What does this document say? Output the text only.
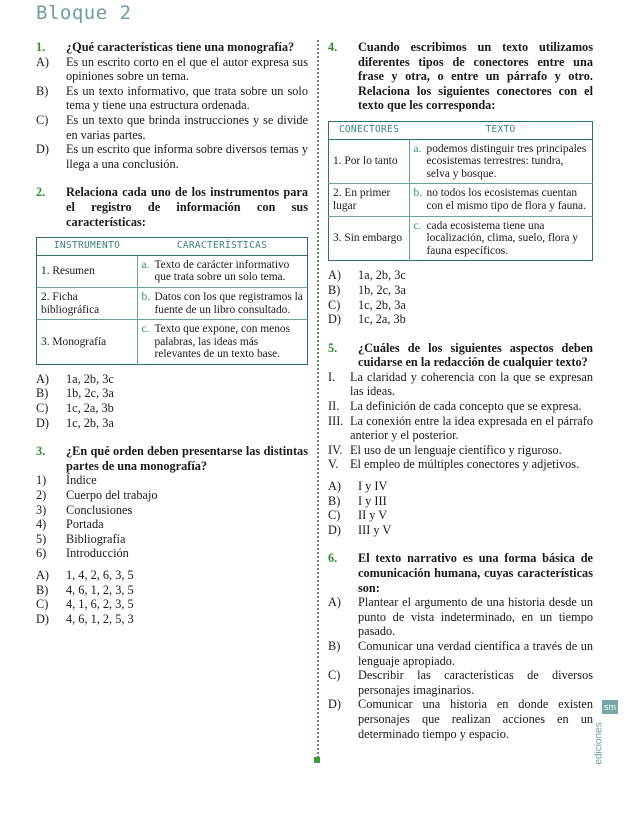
Bloque 2
1.	¿Qué características tiene una monografía?
A)	Es un escrito corto en el que el autor expresa sus opiniones sobre un tema.
B)	Es un texto informativo, que trata sobre un solo tema y tiene una estructura ordenada.
C)	Es un texto que brinda instrucciones y se divide en varias partes.
D)	Es un escrito que informa sobre diversos temas y llega a una conclusión.
2.	Relaciona cada uno de los instrumentos para el registro de información con sus características:
INSTRUMENTO	CARACTERÍSTICAS
1. Resumen	a. Texto de carácter informativo que trata sobre un solo tema.

2. Ficha bibliográfica	b. Datos con los que registramos la fuente de un libro consultado.

3. Monografía	c. Texto que expone, con menos palabras, las ideas más relevantes de un texto base.
A)	1a, 2b, 3c
B)	1b, 2c, 3a
C)	1c, 2a, 3b
D)	1c, 2b, 3a
3.	¿En qué orden deben presentarse las distintas partes de una monografía?
1)	Índice
2)	Cuerpo del trabajo
3)	Conclusiones
4)	Portada
5)	Bibliografía
6)	Introducción
A)	1, 4, 2, 6, 3, 5
B)	4, 6, 1, 2, 3, 5
C)	4, 1, 6, 2, 3, 5
D)	4, 6, 1, 2, 5, 3
4.	Cuando escribimos un texto utilizamos diferentes tipos de conectores entre una frase y otra, o entre un párrafo y otro. Relaciona los siguientes conectores con el texto que les corresponda:
CONECTORES	TEXTO
1. Por lo tanto	a. podemos distinguir tres principales ecosistemas terrestres: tundra, selva y bosque.

2. En primer lugar	b. no todos los ecosistemas cuentan con el mismo tipo de flora y fauna.

3. Sin embargo	c. cada ecosistema tiene una localización, clima, suelo, flora y fauna específicos.
A)	1a, 2b, 3c
B)	1b, 2c, 3a
C)	1c, 2b, 3a
D)	1c, 2a, 3b
5.	¿Cuáles de los siguientes aspectos deben cuidarse en la redacción de cualquier texto?
I.	La claridad y coherencia con la que se expresan las ideas.
II. La definición de cada concepto que se expresa.
III. La conexión entre la idea expresada en el párrafo anterior y el posterior.
IV. El uso de un lenguaje científico y riguroso.
V. El empleo de múltiples conectores y adjetivos.
A)	I y IV
B)	I y III
C)	II y V
D)	III y V
6.	El texto narrativo es una forma básica de comunicación humana, cuyas características son:
A)	Plantear el argumento de una historia desde un punto de vista indeterminado, en un tiempo pasado.
B)	Comunicar una verdad científica a través de un lenguaje apropiado.
C)	Describir las características de diversos personajes imaginarios.
D)	Comunicar una historia en donde existen personajes que realizan acciones en un determinado tiempo y espacio.
sm
ediciones
